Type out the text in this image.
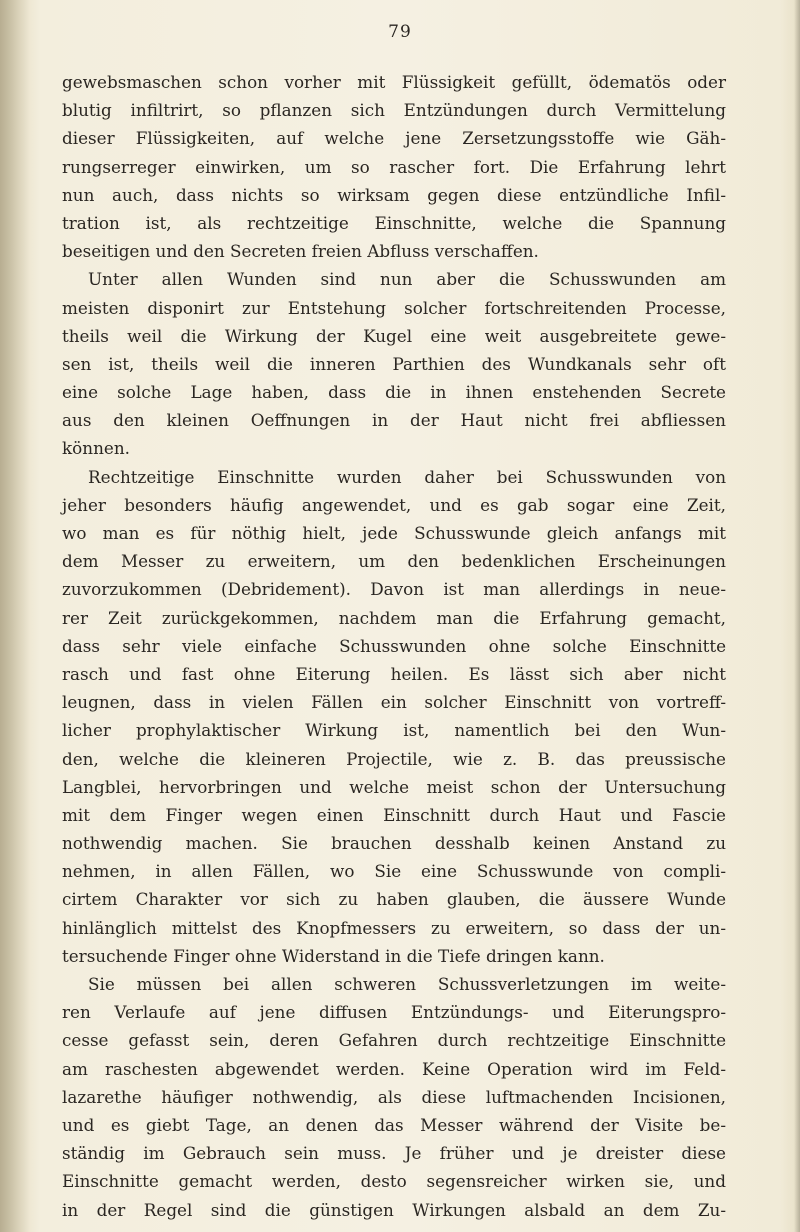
79
gewebsmaschen schon vorher mit Flüssigkeit gefüllt, ödematös oder
blutig infiltrirt, so pflanzen sich Entzündungen durch Vermittelung
dieser Flüssigkeiten, auf welche jene Zersetzungsstoffe wie Gäh-
rungserreger einwirken, um so rascher fort. Die Erfahrung lehrt
nun auch, dass nichts so wirksam gegen diese entzündliche Infil-
tration ist, als rechtzeitige Einschnitte, welche die Spannung
beseitigen und den Secreten freien Abfluss verschaffen.
Unter allen Wunden sind nun aber die Schusswunden am
meisten disponirt zur Entstehung solcher fortschreitenden Processe,
theils weil die Wirkung der Kugel eine weit ausgebreitete gewe-
sen ist, theils weil die inneren Parthien des Wundkanals sehr oft
eine solche Lage haben, dass die in ihnen enstehenden Secrete
aus den kleinen Oeffnungen in der Haut nicht frei abfliessen
können.
Rechtzeitige Einschnitte wurden daher bei Schusswunden von
jeher besonders häufig angewendet, und es gab sogar eine Zeit,
wo man es für nöthig hielt, jede Schusswunde gleich anfangs mit
dem Messer zu erweitern, um den bedenklichen Erscheinungen
zuvorzukommen (Debridement). Davon ist man allerdings in neue-
rer Zeit zurückgekommen, nachdem man die Erfahrung gemacht,
dass sehr viele einfache Schusswunden ohne solche Einschnitte
rasch und fast ohne Eiterung heilen. Es lässt sich aber nicht
leugnen, dass in vielen Fällen ein solcher Einschnitt von vortreff-
licher prophylaktischer Wirkung ist, namentlich bei den Wun-
den, welche die kleineren Projectile, wie z. B. das preussische
Langblei, hervorbringen und welche meist schon der Untersuchung
mit dem Finger wegen einen Einschnitt durch Haut und Fascie
nothwendig machen. Sie brauchen desshalb keinen Anstand zu
nehmen, in allen Fällen, wo Sie eine Schusswunde von compli-
cirtem Charakter vor sich zu haben glauben, die äussere Wunde
hinlänglich mittelst des Knopfmessers zu erweitern, so dass der un-
tersuchende Finger ohne Widerstand in die Tiefe dringen kann.
Sie müssen bei allen schweren Schussverletzungen im weite-
ren Verlaufe auf jene diffusen Entzündungs- und Eiterungspro-
cesse gefasst sein, deren Gefahren durch rechtzeitige Einschnitte
am raschesten abgewendet werden. Keine Operation wird im Feld-
lazarethe häufiger nothwendig, als diese luftmachenden Incisionen,
und es giebt Tage, an denen das Messer während der Visite be-
ständig im Gebrauch sein muss. Je früher und je dreister diese
Einschnitte gemacht werden, desto segensreicher wirken sie, und
in der Regel sind die günstigen Wirkungen alsbald an dem Zu-
